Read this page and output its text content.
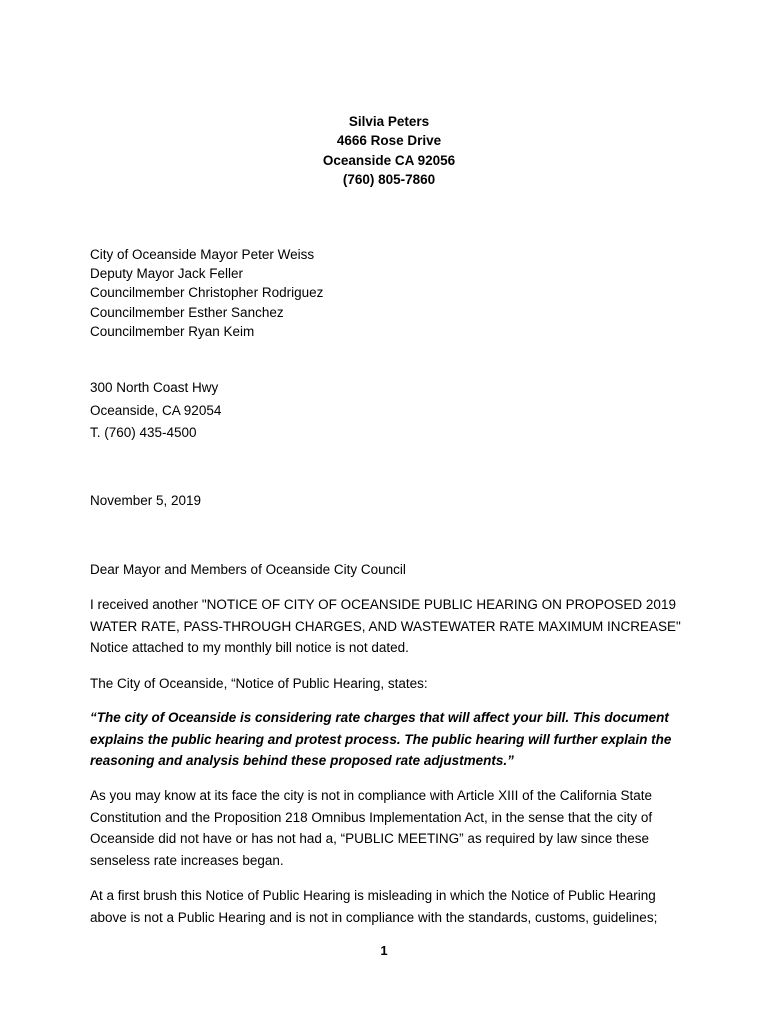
Silvia Peters
4666 Rose Drive
Oceanside CA 92056
(760) 805-7860
City of Oceanside Mayor Peter Weiss
Deputy Mayor Jack Feller
Councilmember Christopher Rodriguez
Councilmember Esther Sanchez
Councilmember Ryan Keim
300 North Coast Hwy
Oceanside, CA 92054
T. (760) 435-4500
November 5, 2019
Dear Mayor and Members of Oceanside City Council
I received another "NOTICE OF CITY OF OCEANSIDE PUBLIC HEARING ON PROPOSED 2019
WATER RATE, PASS-THROUGH CHARGES, AND WASTEWATER RATE MAXIMUM INCREASE"
Notice attached to my monthly bill notice is not dated.
The City of Oceanside, “Notice of Public Hearing, states:
“The city of Oceanside is considering rate charges that will affect your bill. This document
explains the public hearing and protest process. The public hearing will further explain the
reasoning and analysis behind these proposed rate adjustments.”
As you may know at its face the city is not in compliance with Article XIII of the California State
Constitution and the Proposition 218 Omnibus Implementation Act, in the sense that the city of
Oceanside did not have or has not had a, “PUBLIC MEETING” as required by law since these
senseless rate increases began.
At a first brush this Notice of Public Hearing is misleading in which the Notice of Public Hearing
above is not a Public Hearing and is not in compliance with the standards, customs, guidelines;
1
